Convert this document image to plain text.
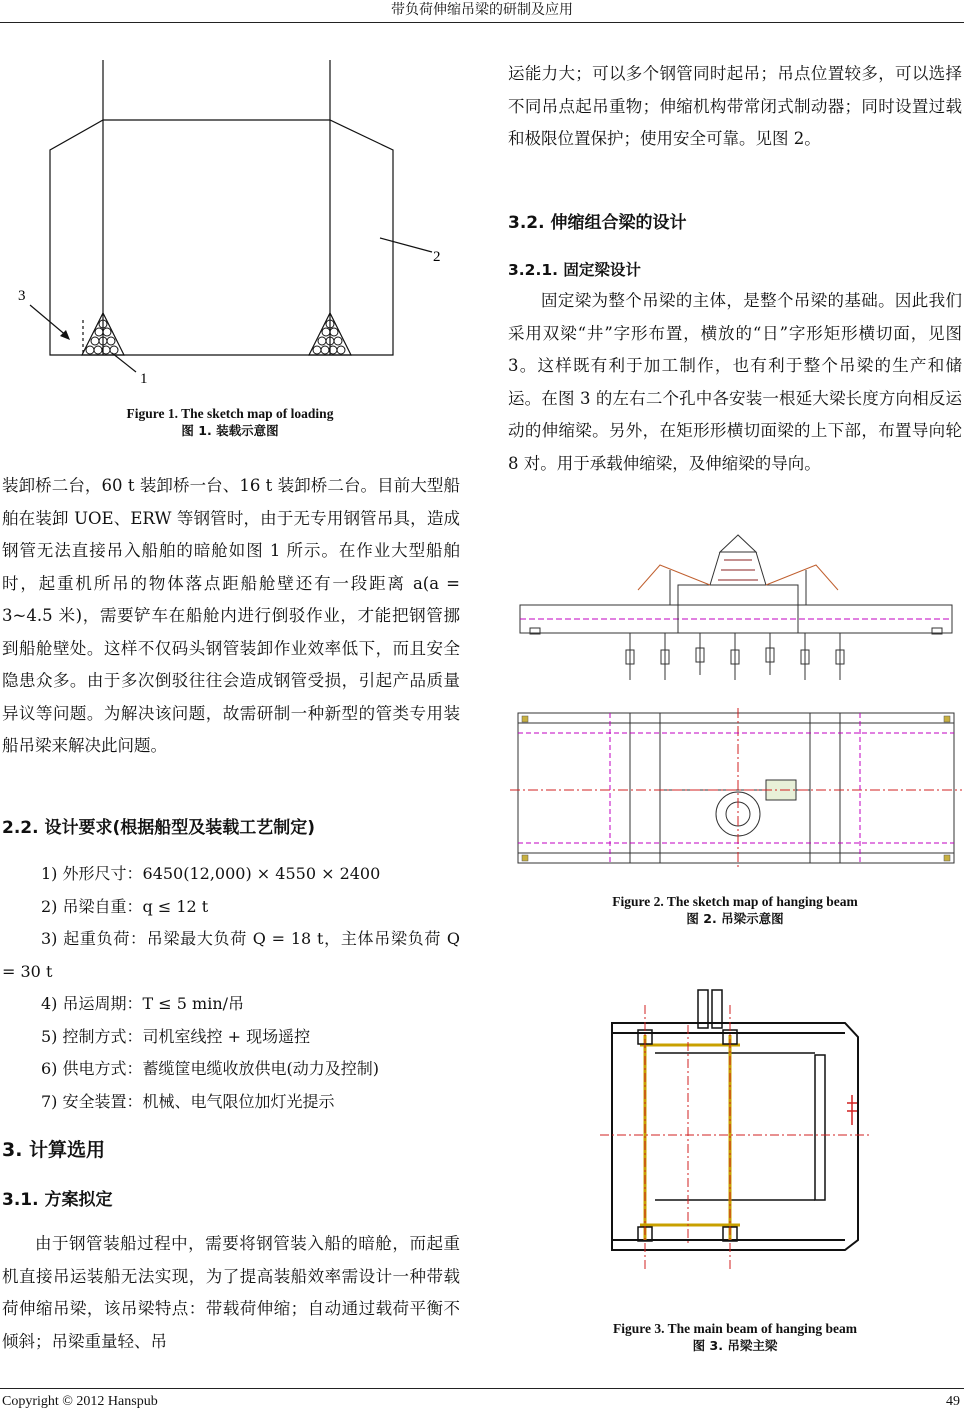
带负荷伸缩吊梁的研制及应用
Copyright © 2012 Hanspub	49
1
2
3
Figure 1. The sketch map of loading
图 1. 装载示意图

装卸桥二台，60 t 装卸桥一台、16 t 装卸桥二台。目前大型船舶在装卸 UOE、ERW 等钢管时，由于无专用钢管吊具，造成钢管无法直接吊入船舶的暗舱如图 1 所示。在作业大型船舶时，起重机所吊的物体落点距船舱壁还有一段距离 a(a = 3~4.5 米)，需要铲车在船舱内进行倒驳作业，才能把钢管挪到船舱壁处。这样不仅码头钢管装卸作业效率低下，而且安全隐患众多。由于多次倒驳往往会造成钢管受损，引起产品质量异议等问题。为解决该问题，故需研制一种新型的管类专用装船吊梁来解决此问题。

2.2. 设计要求(根据船型及装载工艺制定)
1) 外形尺寸：6450(12,000) × 4550 × 2400
2) 吊梁自重：q ≤ 12 t
3) 起重负荷：吊梁最大负荷 Q = 18 t，主体吊梁负荷 Q = 30 t
4) 吊运周期：T ≤ 5 min/吊
5) 控制方式：司机室线控 + 现场遥控
6) 供电方式：蓄缆筐电缆收放供电(动力及控制)
7) 安全装置：机械、电气限位加灯光提示
3. 计算选用
3.1. 方案拟定

由于钢管装船过程中，需要将钢管装入船的暗舱，而起重机直接吊运装船无法实现，为了提高装船效率需设计一种带载荷伸缩吊梁，该吊梁特点：带载荷伸缩；自动通过载荷平衡不倾斜；吊梁重量轻、吊

运能力大；可以多个钢管同时起吊；吊点位置较多，可以选择不同吊点起吊重物；伸缩机构带常闭式制动器；同时设置过载和极限位置保护；使用安全可靠。见图 2。

3.2. 伸缩组合梁的设计
3.2.1. 固定梁设计

固定梁为整个吊梁的主体，是整个吊梁的基础。因此我们采用双梁“井”字形布置，横放的“日”字形矩形横切面，见图 3。这样既有利于加工制作，也有利于整个吊梁的生产和储运。在图 3 的左右二个孔中各安装一根延大梁长度方向相反运动的伸缩梁。另外，在矩形形横切面梁的上下部，布置导向轮 8 对。用于承载伸缩梁，及伸缩梁的导向。

Figure 2. The sketch map of hanging beam
图 2. 吊梁示意图
Figure 3. The main beam of hanging beam
图 3. 吊梁主梁
